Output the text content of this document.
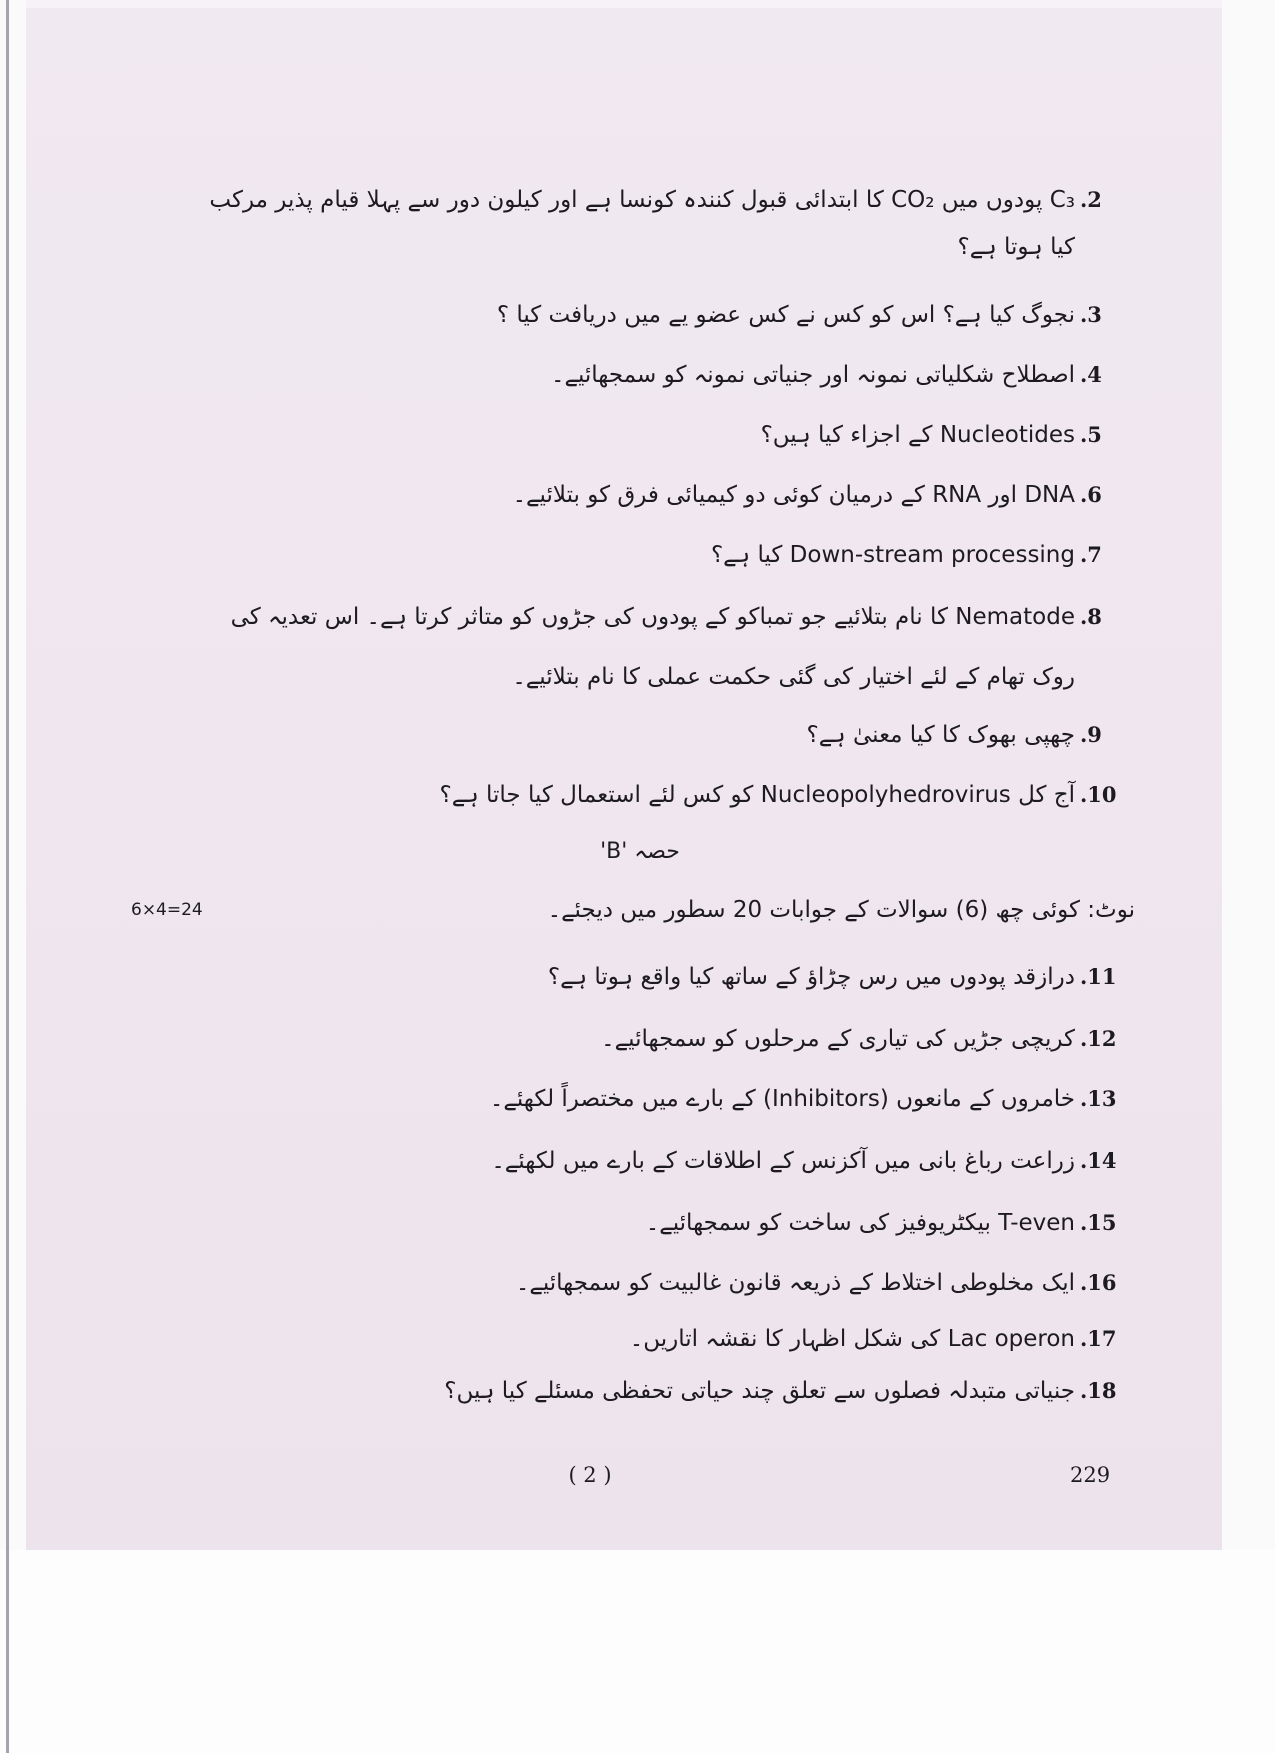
.2
C₃ پودوں میں CO₂ کا ابتدائی قبول کنندہ کونسا ہے اور کیلون دور سے پہلا قیام پذیر مرکب
کیا ہوتا ہے؟
.3
نجوگ کیا ہے؟ اس کو کس نے کس عضو یے میں دریافت کیا ؟
.4
اصطلاح شکلیاتی نمونہ اور جنیاتی نمونہ کو سمجھائیے۔
.5
Nucleotides کے اجزاء کیا ہیں؟
.6
DNA اور RNA کے درمیان کوئی دو کیمیائی فرق کو بتلائیے۔
.7
Down-stream processing کیا ہے؟
.8
Nematode کا نام بتلائیے جو تمباکو کے پودوں کی جڑوں کو متاثر کرتا ہے۔ اس تعدیہ کی
روک تھام کے لئے اختیار کی گئی حکمت عملی کا نام بتلائیے۔
.9
چھپی بھوک کا کیا معنیٰ ہے؟
.10
آج کل Nucleopolyhedrovirus کو کس لئے استعمال کیا جاتا ہے؟
حصہ 'B'
6×4=24	نوٹ: کوئی چھ (6) سوالات کے جوابات 20 سطور میں دیجئے۔
.11
درازقد پودوں میں رس چڑاؤ کے ساتھ کیا واقع ہوتا ہے؟
.12
کریچی جڑیں کی تیاری کے مرحلوں کو سمجھائیے۔
.13
خامروں کے مانعوں (Inhibitors) کے بارے میں مختصراً لکھئے۔
.14
زراعت رباغ بانی میں آکزنس کے اطلاقات کے بارے میں لکھئے۔
.15
T-even بیکٹریوفیز کی ساخت کو سمجھائیے۔
.16
ایک مخلوطی اختلاط کے ذریعہ قانون غالبیت کو سمجھائیے۔
.17
Lac operon کی شکل اظہار کا نقشہ اتاریں۔
.18
جنیاتی متبدلہ فصلوں سے تعلق چند حیاتی تحفظی مسئلے کیا ہیں؟
( 2 )	229
